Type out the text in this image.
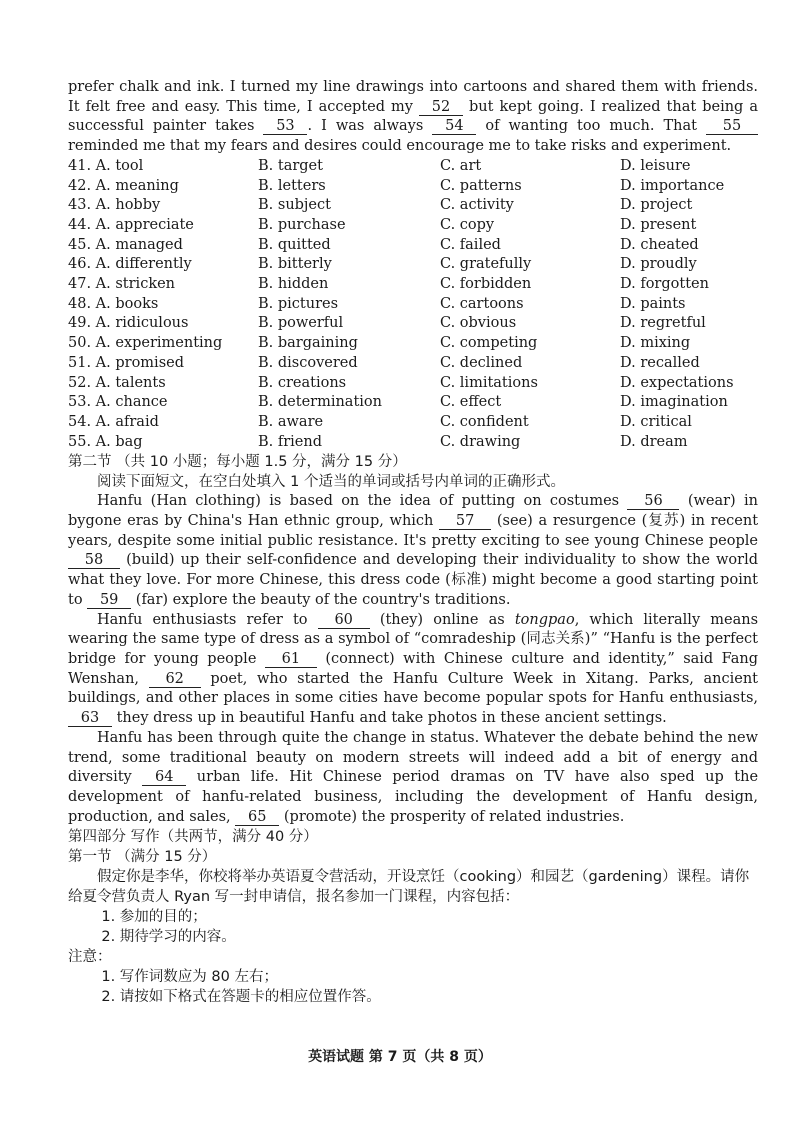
prefer chalk and ink. I turned my line drawings into cartoons and shared them with friends. It felt free and easy. This time, I accepted my 52 but kept going. I realized that being a successful painter takes 53 . I was always 54 of wanting too much. That 55 reminded me that my fears and desires could encourage me to take risks and experiment.

41. A. tool	B. target	C. art	D. leisure
42. A. meaning	B. letters	C. patterns	D. importance
43. A. hobby	B. subject	C. activity	D. project
44. A. appreciate	B. purchase	C. copy	D. present
45. A. managed	B. quitted	C. failed	D. cheated
46. A. differently	B. bitterly	C. gratefully	D. proudly
47. A. stricken	B. hidden	C. forbidden	D. forgotten
48. A. books	B. pictures	C. cartoons	D. paints
49. A. ridiculous	B. powerful	C. obvious	D. regretful
50. A. experimenting	B. bargaining	C. competing	D. mixing
51. A. promised	B. discovered	C. declined	D. recalled
52. A. talents	B. creations	C. limitations	D. expectations
53. A. chance	B. determination	C. effect	D. imagination
54. A. afraid	B. aware	C. confident	D. critical
55. A. bag	B. friend	C. drawing	D. dream

第二节 （共 10 小题；每小题 1.5 分，满分 15 分）

阅读下面短文，在空白处填入 1 个适当的单词或括号内单词的正确形式。

Hanfu (Han clothing) is based on the idea of putting on costumes 56 (wear) in bygone eras by China's Han ethnic group, which 57 (see) a resurgence (复苏) in recent years, despite some initial public resistance. It's pretty exciting to see young Chinese people 58 (build) up their self-confidence and developing their individuality to show the world what they love. For more Chinese, this dress code (标准) might become a good starting point to 59 (far) explore the beauty of the country's traditions.

Hanfu enthusiasts refer to 60 (they) online as tongpao, which literally means wearing the same type of dress as a symbol of “comradeship (同志关系)” “Hanfu is the perfect bridge for young people 61 (connect) with Chinese culture and identity,” said Fang Wenshan, 62 poet, who started the Hanfu Culture Week in Xitang. Parks, ancient buildings, and other places in some cities have become popular spots for Hanfu enthusiasts, 63 they dress up in beautiful Hanfu and take photos in these ancient settings.

Hanfu has been through quite the change in status. Whatever the debate behind the new trend, some traditional beauty on modern streets will indeed add a bit of energy and diversity 64 urban life. Hit Chinese period dramas on TV have also sped up the development of hanfu-related business, including the development of Hanfu design, production, and sales, 65 (promote) the prosperity of related industries.

第四部分 写作（共两节，满分 40 分）

第一节 （满分 15 分）

假定你是李华，你校将举办英语夏令营活动，开设烹饪（cooking）和园艺（gardening）课程。请你给夏令营负责人 Ryan 写一封申请信，报名参加一门课程，内容包括：

1. 参加的目的；

2. 期待学习的内容。

注意：

1. 写作词数应为 80 左右；

2. 请按如下格式在答题卡的相应位置作答。

英语试题 第 7 页（共 8 页）
